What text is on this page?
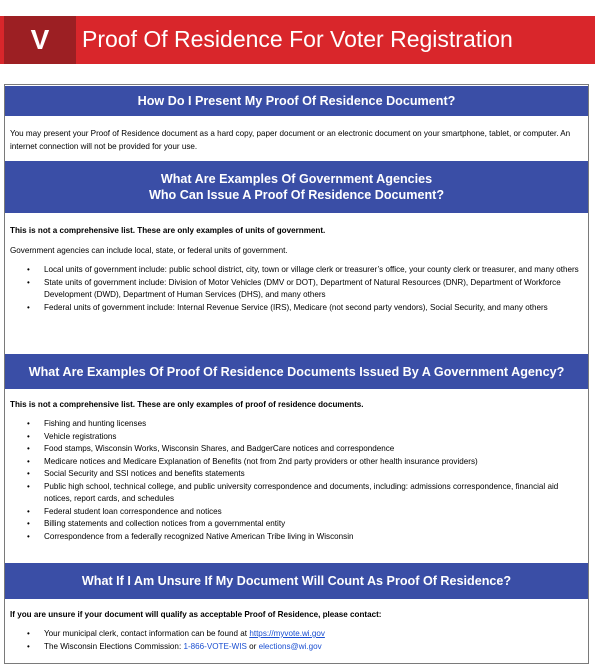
V	Proof Of Residence For Voter Registration
How Do I Present My Proof Of Residence Document?
You may present your Proof of Residence document as a hard copy, paper document or an electronic document on your smartphone, tablet, or computer. An internet connection will not be provided for your use.
What Are Examples Of Government Agencies
Who Can Issue A Proof Of Residence Document?
This is not a comprehensive list. These are only examples of units of government.
Government agencies can include local, state, or federal units of government.
• Local units of government include: public school district, city, town or village clerk or treasurer’s office, your county clerk or treasurer, and many others
• State units of government include: Division of Motor Vehicles (DMV or DOT), Department of Natural Resources (DNR), Department of Workforce Development (DWD), Department of Human Services (DHS), and many others
• Federal units of government include: Internal Revenue Service (IRS), Medicare (not second party vendors), Social Security, and many others
What Are Examples Of Proof Of Residence Documents Issued By A Government Agency?
This is not a comprehensive list. These are only examples of proof of residence documents.
• Fishing and hunting licenses
• Vehicle registrations
• Food stamps, Wisconsin Works, Wisconsin Shares, and BadgerCare notices and correspondence
• Medicare notices and Medicare Explanation of Benefits (not from 2nd party providers or other health insurance providers)
• Social Security and SSI notices and benefits statements
• Public high school, technical college, and public university correspondence and documents, including: admissions correspondence, financial aid notices, report cards, and schedules
• Federal student loan correspondence and notices
• Billing statements and collection notices from a governmental entity
• Correspondence from a federally recognized Native American Tribe living in Wisconsin
What If I Am Unsure If My Document Will Count As Proof Of Residence?
If you are unsure if your document will qualify as acceptable Proof of Residence, please contact:
• Your municipal clerk, contact information can be found at https://myvote.wi.gov
• The Wisconsin Elections Commission: 1-866-VOTE-WIS or elections@wi.gov
